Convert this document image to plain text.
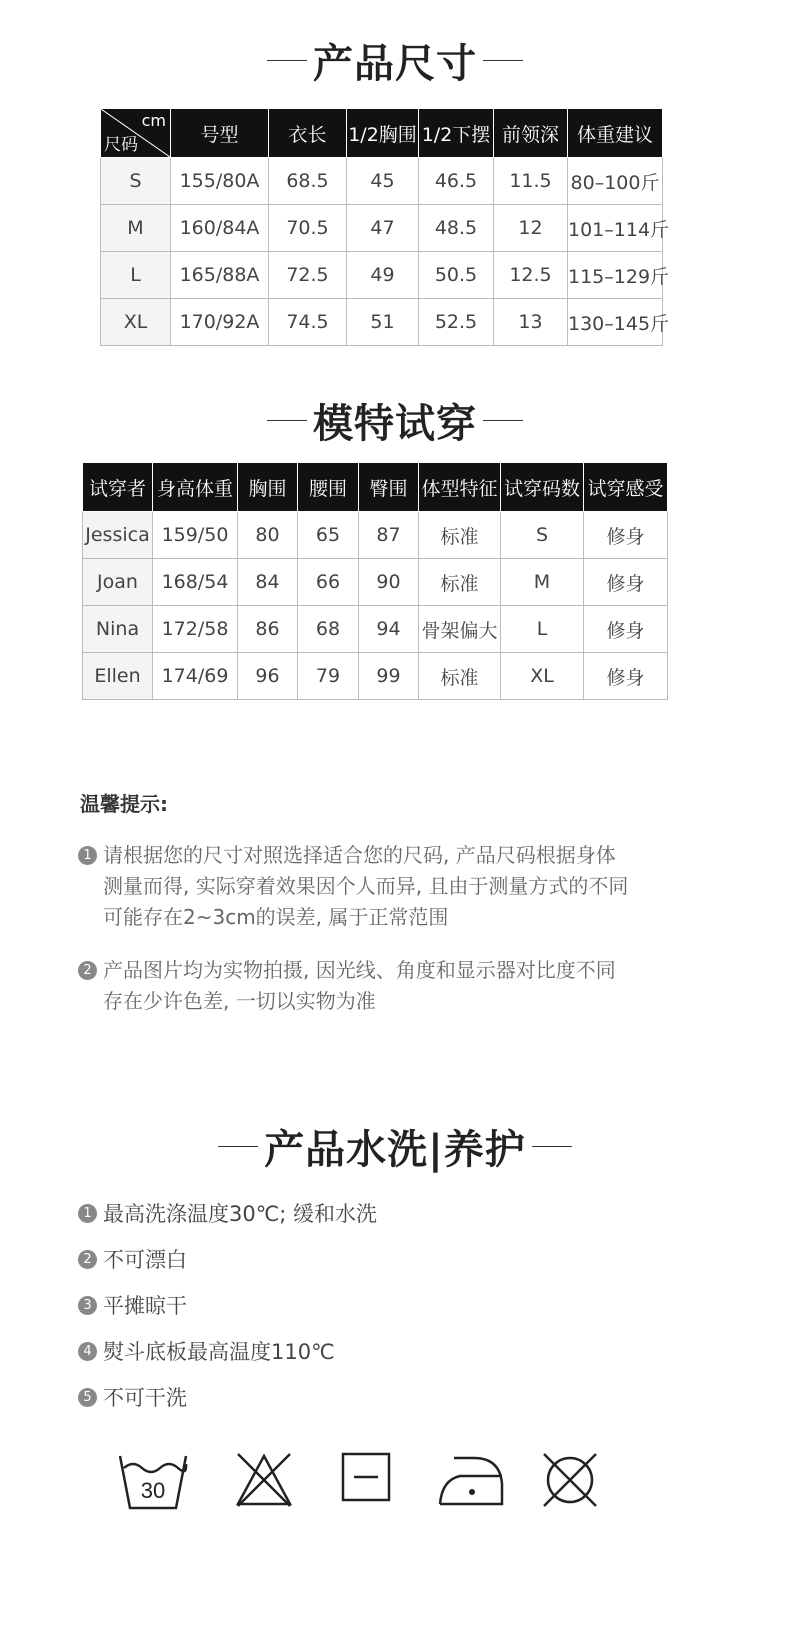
产品尺寸
cm
尺码	号型	衣长	1/2胸围	1/2下摆	前领深	体重建议
S	155/80A	68.5	45	46.5	11.5	80–100斤
M	160/84A	70.5	47	48.5	12	101–114斤
L	165/88A	72.5	49	50.5	12.5	115–129斤
XL	170/92A	74.5	51	52.5	13	130–145斤
模特试穿
试穿者	身高体重	胸围	腰围	臀围	体型特征	试穿码数	试穿感受
Jessica	159/50	80	65	87	标准	S	修身
Joan	168/54	84	66	90	标准	M	修身
Nina	172/58	86	68	94	骨架偏大	L	修身
Ellen	174/69	96	79	99	标准	XL	修身
温馨提示:
1 请根据您的尺寸对照选择适合您的尺码, 产品尺码根据身体
测量而得, 实际穿着效果因个人而异, 且由于测量方式的不同
可能存在2~3cm的误差, 属于正常范围
2 产品图片均为实物拍摄, 因光线、角度和显示器对比度不同
存在少许色差, 一切以实物为准
产品水洗|养护
1 最高洗涤温度30℃; 缓和水洗
2 不可漂白
3 平摊晾干
4 熨斗底板最高温度110℃
5 不可干洗
30
